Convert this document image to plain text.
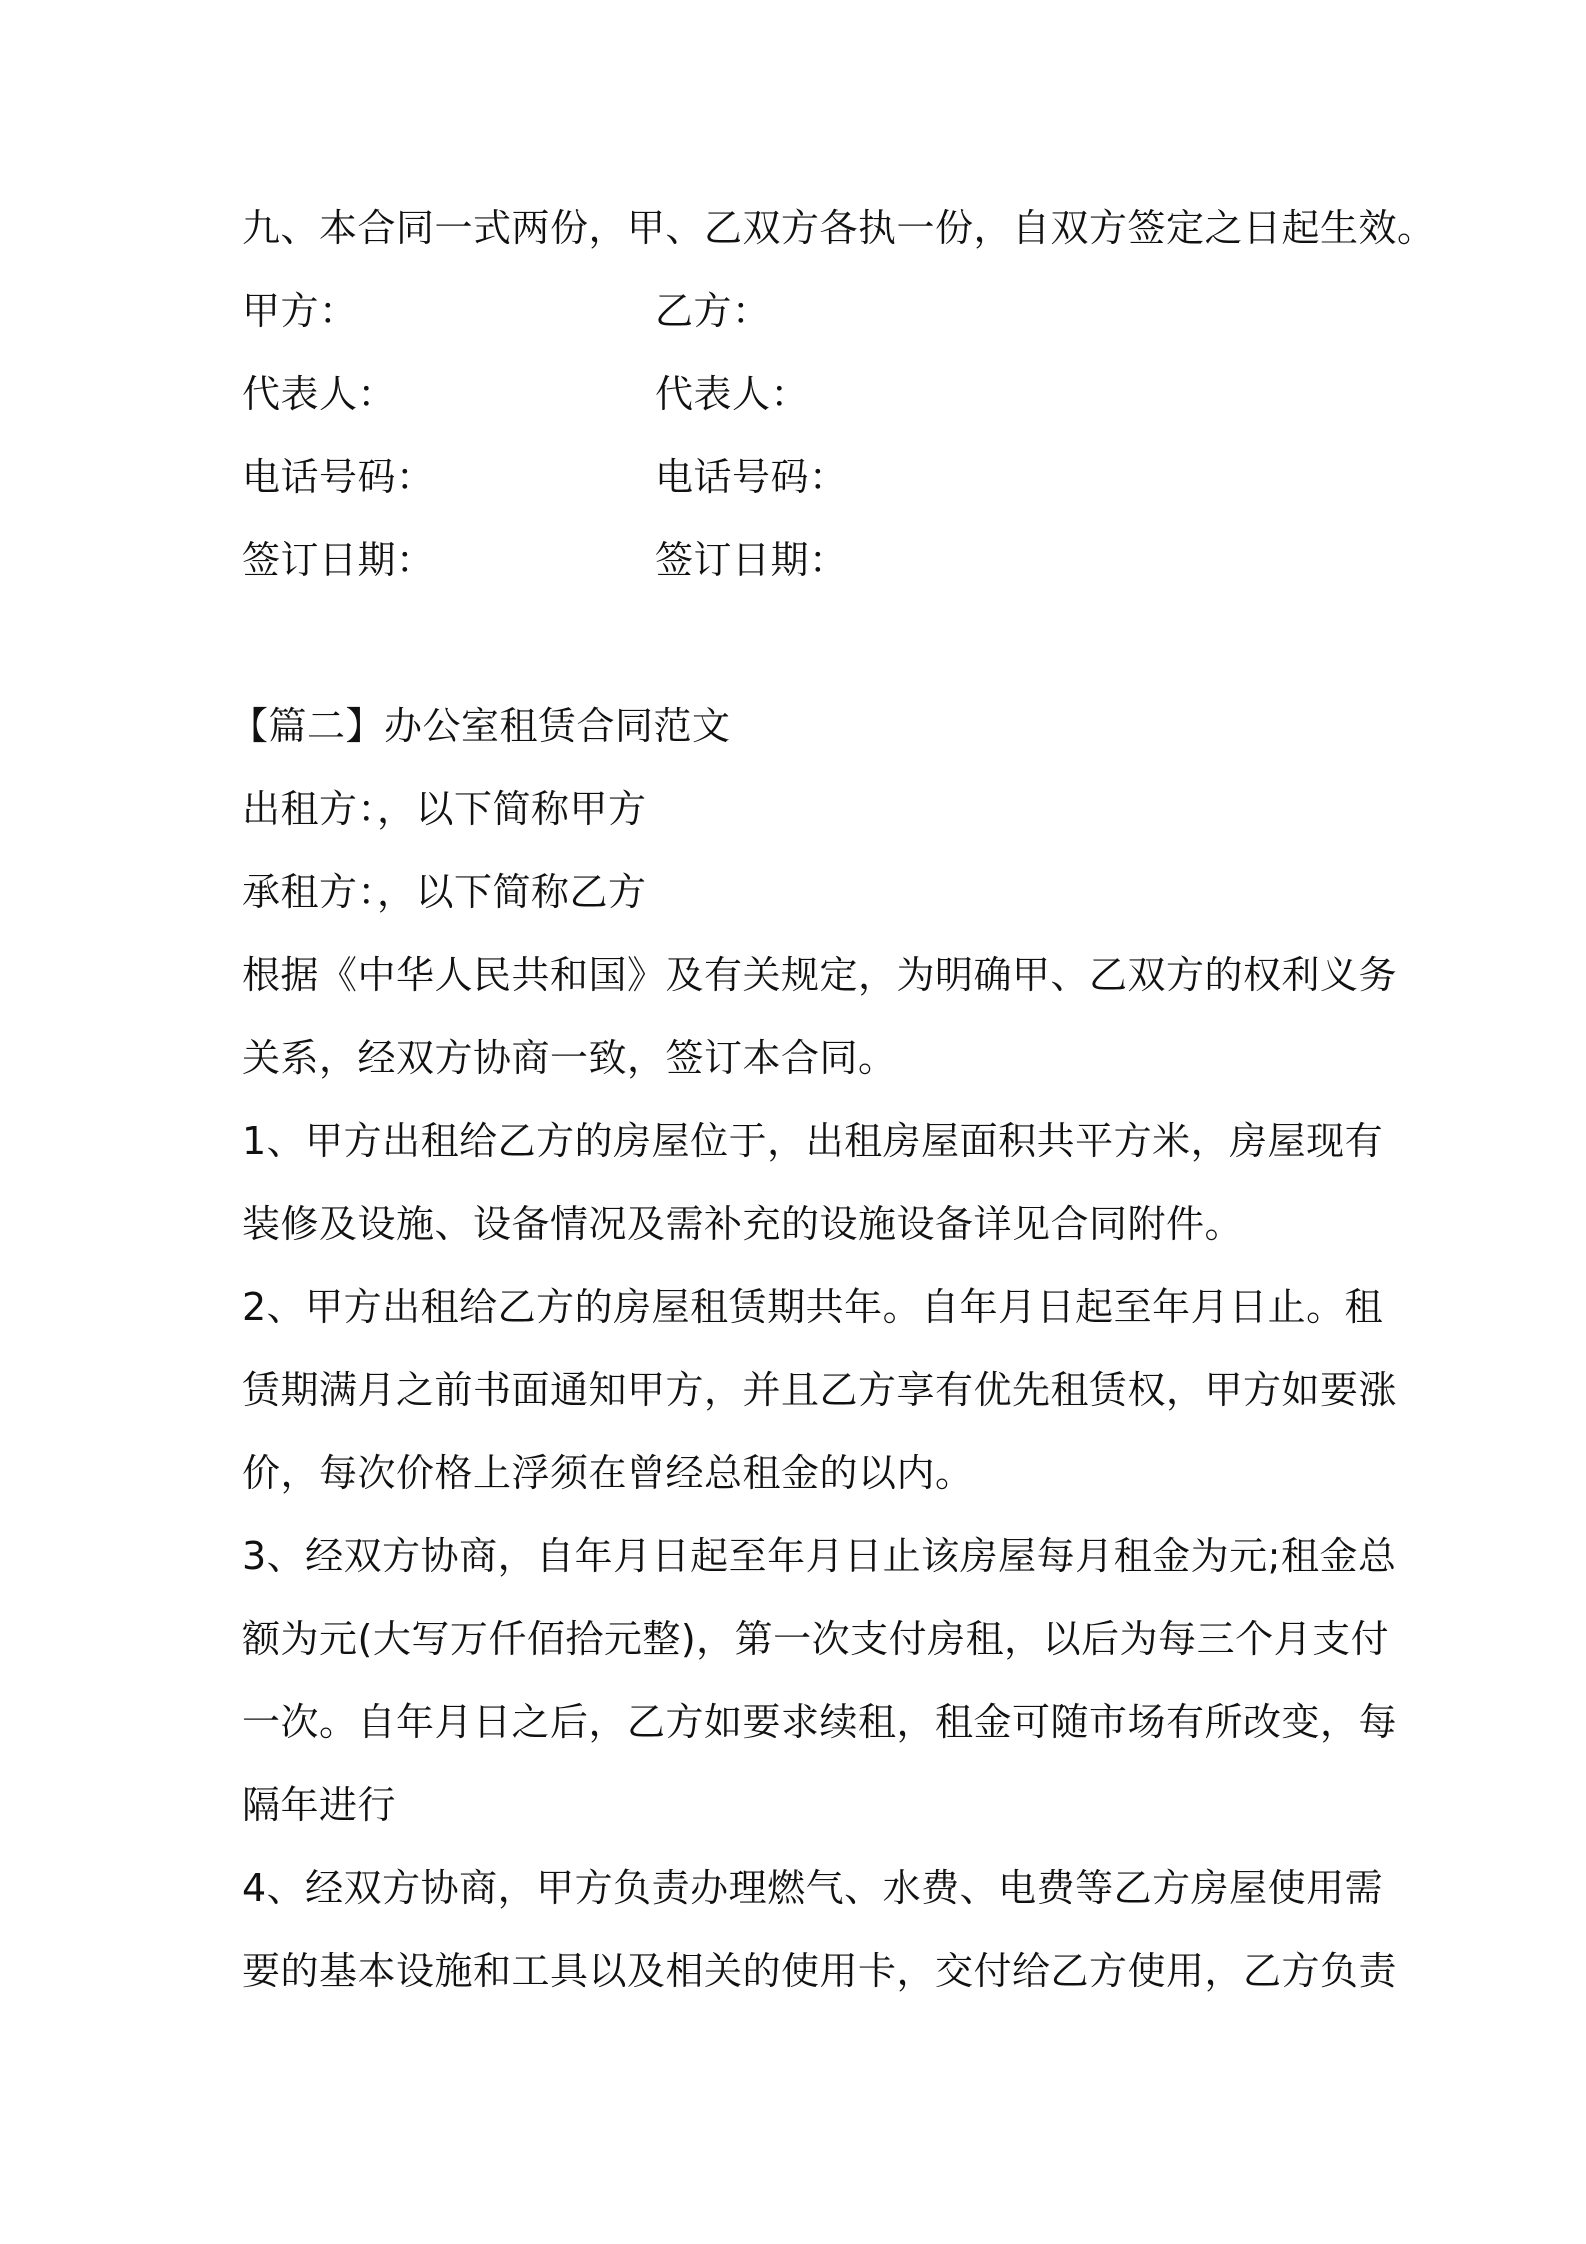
九、本合同一式两份，甲、乙双方各执一份，自双方签定之日起生效。
甲方：	乙方：
代表人：	代表人：
电话号码：	电话号码：
签订日期：	签订日期：
【篇二】办公室租赁合同范文
出租方：，以下简称甲方
承租方：，以下简称乙方
根据《中华人民共和国》及有关规定，为明确甲、乙双方的权利义务
关系，经双方协商一致，签订本合同。
1、甲方出租给乙方的房屋位于，出租房屋面积共平方米，房屋现有
装修及设施、设备情况及需补充的设施设备详见合同附件。
2、甲方出租给乙方的房屋租赁期共年。自年月日起至年月日止。租
赁期满月之前书面通知甲方，并且乙方享有优先租赁权，甲方如要涨
价，每次价格上浮须在曾经总租金的以内。
3、经双方协商，自年月日起至年月日止该房屋每月租金为元;租金总
额为元(大写万仟佰拾元整)，第一次支付房租，以后为每三个月支付
一次。自年月日之后，乙方如要求续租，租金可随市场有所改变，每
隔年进行
4、经双方协商，甲方负责办理燃气、水费、电费等乙方房屋使用需
要的基本设施和工具以及相关的使用卡，交付给乙方使用，乙方负责
